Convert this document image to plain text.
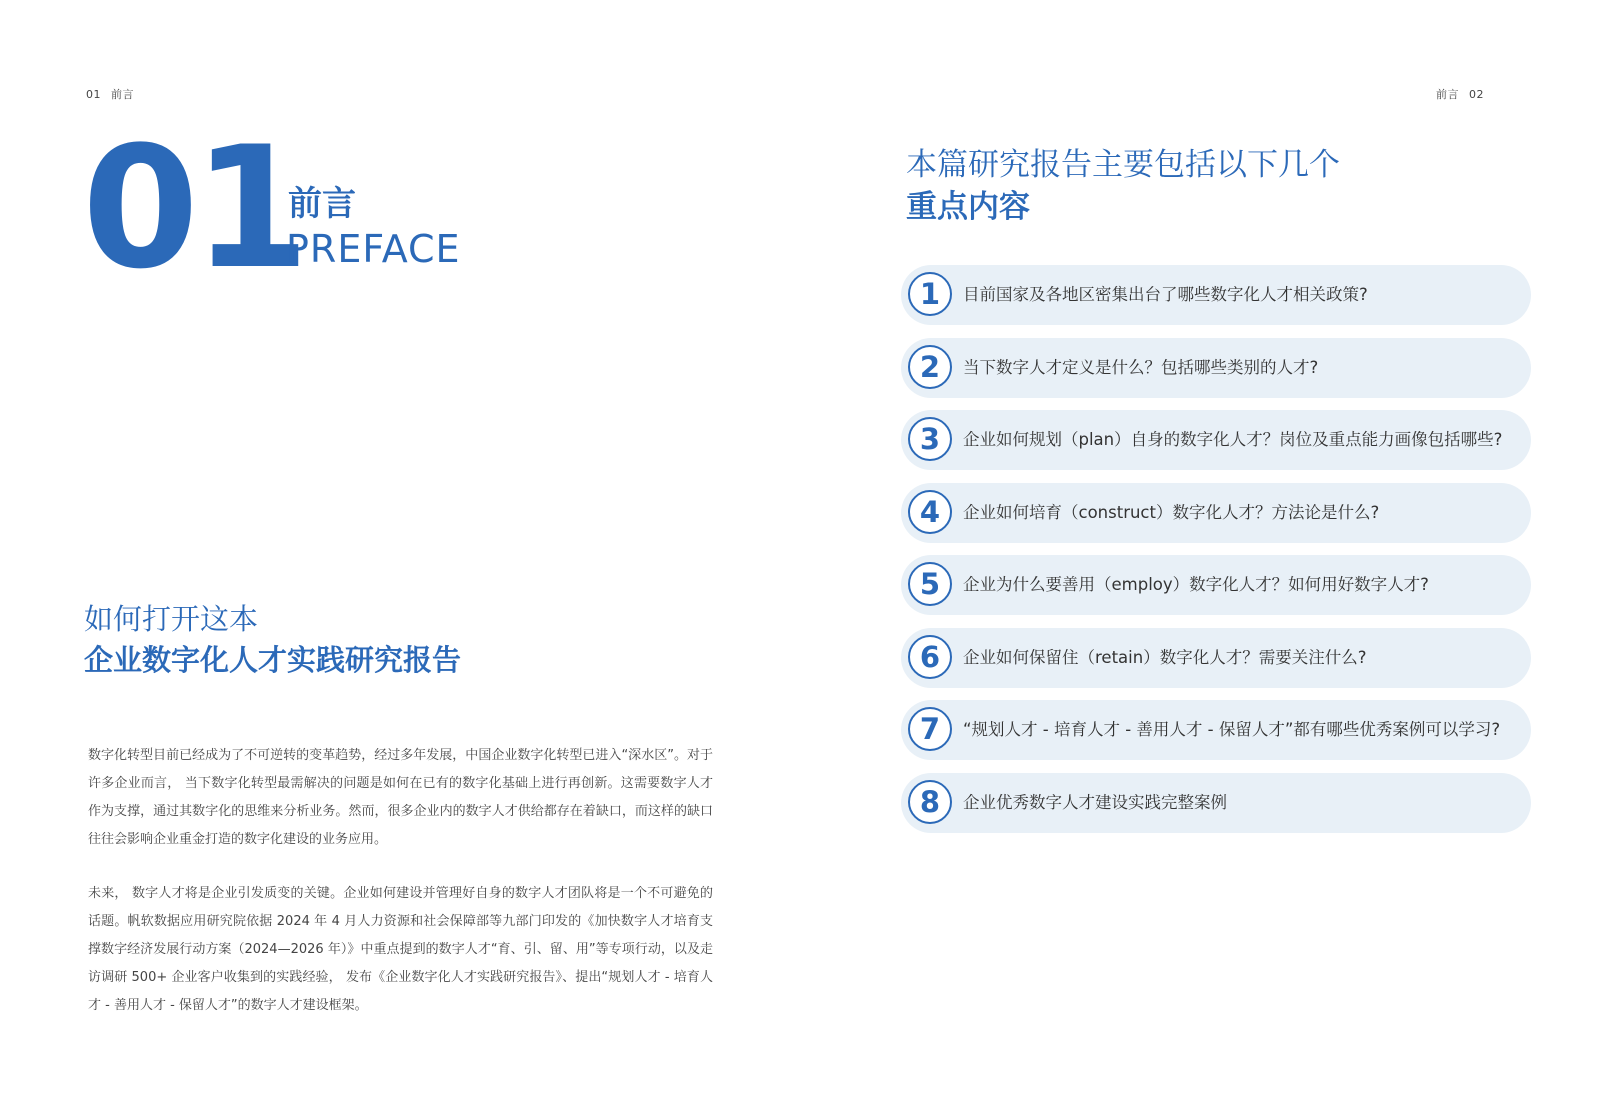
01 前言
01
前言
PREFACE
如何打开这本
企业数字化人才实践研究报告
数字化转型目前已经成为了不可逆转的变革趋势，经过多年发展，中国企业数字化转型已进入“深水区”。对于许多企业而言， 当下数字化转型最需解决的问题是如何在已有的数字化基础上进行再创新。这需要数字人才作为支撑，通过其数字化的思维来分析业务。然而，很多企业内的数字人才供给都存在着缺口，而这样的缺口往往会影响企业重金打造的数字化建设的业务应用。
未来， 数字人才将是企业引发质变的关键。企业如何建设并管理好自身的数字人才团队将是一个不可避免的话题。帆软数据应用研究院依据 2024 年 4 月人力资源和社会保障部等九部门印发的《加快数字人才培育支撑数字经济发展行动方案（2024—2026 年）》中重点提到的数字人才“育、引、留、用”等专项行动，以及走访调研 500+ 企业客户收集到的实践经验， 发布《企业数字化人才实践研究报告》、提出“规划人才 - 培育人才 - 善用人才 - 保留人才”的数字人才建设框架。
前言 02
本篇研究报告主要包括以下几个
重点内容
1	目前国家及各地区密集出台了哪些数字化人才相关政策?
2	当下数字人才定义是什么？包括哪些类别的人才?
3	企业如何规划（plan）自身的数字化人才？岗位及重点能力画像包括哪些?
4	企业如何培育（construct）数字化人才？方法论是什么?
5	企业为什么要善用（employ）数字化人才？如何用好数字人才?
6	企业如何保留住（retain）数字化人才？需要关注什么?
7	“规划人才 - 培育人才 - 善用人才 - 保留人才”都有哪些优秀案例可以学习?
8	企业优秀数字人才建设实践完整案例
